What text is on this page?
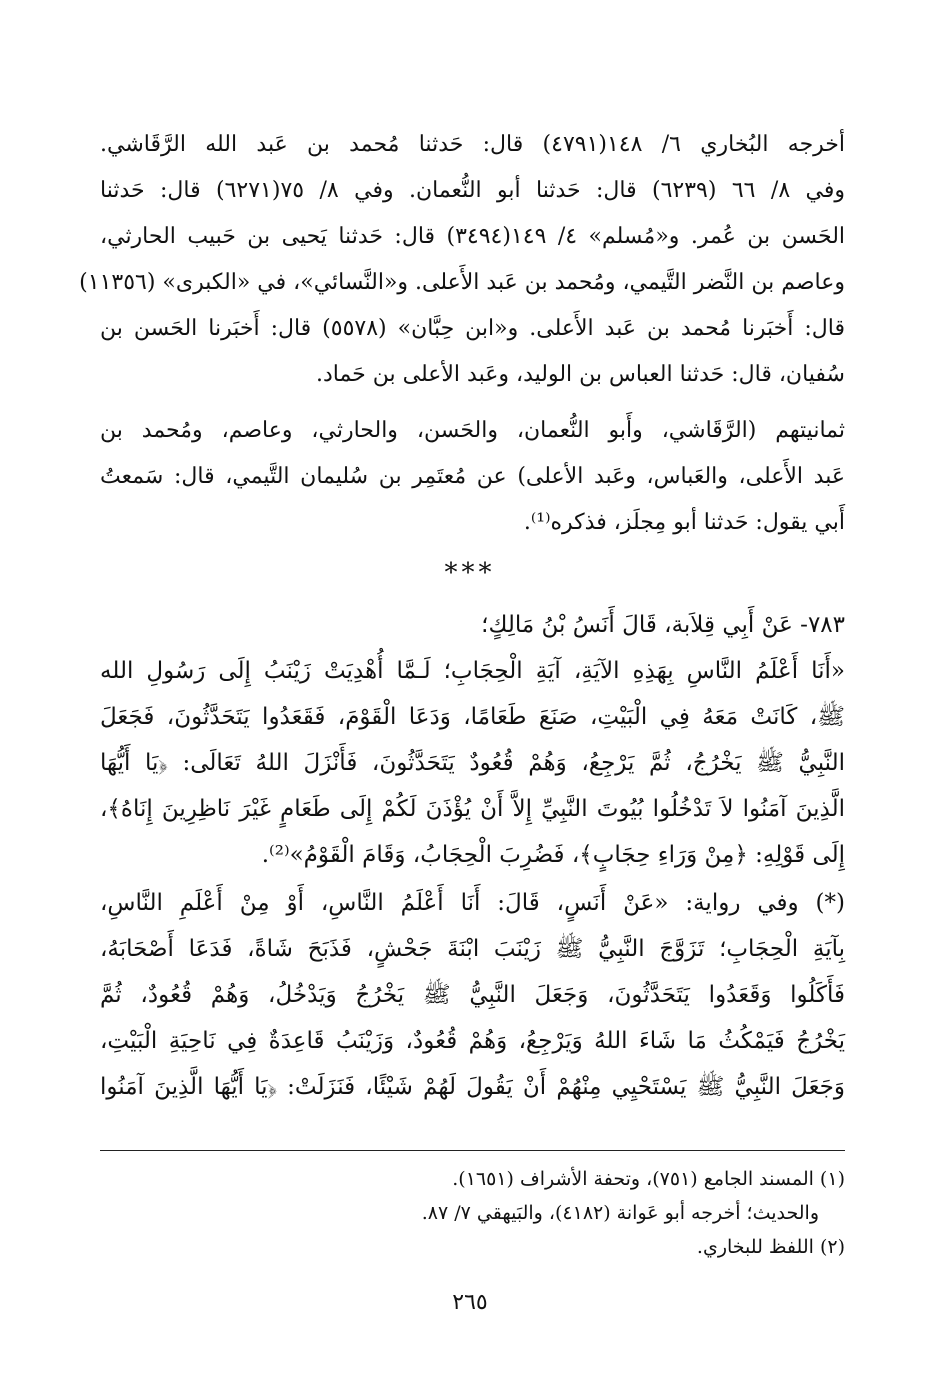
أخرجه البُخاري ٦/ ١٤٨(٤٧٩١) قال: حَدثنا مُحمد بن عَبد الله الرَّقَاشي.
وفي ٨/ ٦٦ (٦٢٣٩) قال: حَدثنا أبو النُّعمان. وفي ٨/ ٧٥(٦٢٧١) قال: حَدثنا
الحَسن بن عُمر. و«مُسلم» ٤/ ١٤٩(٣٤٩٤) قال: حَدثنا يَحيى بن حَبيب الحارثي،
وعاصم بن النَّضر التَّيمي، ومُحمد بن عَبد الأَعلى. و«النَّسائي»، في «الكبرى» (١١٣٥٦)
قال: أَخبَرنا مُحمد بن عَبد الأَعلى. و«ابن حِبَّان» (٥٥٧٨) قال: أَخبَرنا الحَسن بن
سُفيان، قال: حَدثنا العباس بن الوليد، وعَبد الأعلى بن حَماد.
ثمانيتهم (الرَّقَاشي، وأَبو النُّعمان، والحَسن، والحارثي، وعاصم، ومُحمد بن
عَبد الأَعلى، والعَباس، وعَبد الأعلى) عن مُعتَمِر بن سُليمان التَّيمي، قال: سَمعتُ
أَبي يقول: حَدثنا أبو مِجلَز، فذكره⁽¹⁾.
***
٧٨٣- عَنْ أَبِي قِلاَبة، قَالَ أَنَسُ بْنُ مَالِكٍ؛
«أَنَا أَعْلَمُ النَّاسِ بِهَذِهِ الآيَةِ، آيَةِ الْحِجَابِ؛ لَـمَّا أُهْدِيَتْ زَيْنَبُ إِلَى رَسُولِ الله
ﷺ، كَانَتْ مَعَهُ فِي الْبَيْتِ، صَنَعَ طَعَامًا، وَدَعَا الْقَوْمَ، فَقَعَدُوا يَتَحَدَّثُونَ، فَجَعَلَ
النَّبِيُّ ﷺ يَخْرُجُ، ثُمَّ يَرْجِعُ، وَهُمْ قُعُودٌ يَتَحَدَّثُونَ، فَأَنْزَلَ اللهُ تَعَالَى: ﴿يَا أَيُّهَا
الَّذِينَ آمَنُوا لاَ تَدْخُلُوا بُيُوتَ النَّبِيِّ إِلاَّ أَنْ يُؤْذَنَ لَكُمْ إِلَى طَعَامٍ غَيْرَ نَاظِرِينَ إِنَاهُ﴾،
إِلَى قَوْلِهِ: ﴿مِنْ وَرَاءِ حِجَابٍ﴾، فَضُرِبَ الْحِجَابُ، وَقَامَ الْقَوْمُ»⁽²⁾.
(*) وفي رواية: «عَنْ أَنَسٍ، قَالَ: أَنَا أَعْلَمُ النَّاسِ، أَوْ مِنْ أَعْلَمِ النَّاسِ،
بِآيَةِ الْحِجَابِ؛ تَزَوَّجَ النَّبِيُّ ﷺ زَيْنَبَ ابْنَةَ جَحْشٍ، فَذَبَحَ شَاةً، فَدَعَا أَصْحَابَهُ،
فَأَكَلُوا وَقَعَدُوا يَتَحَدَّثُونَ، وَجَعَلَ النَّبِيُّ ﷺ يَخْرُجُ وَيَدْخُلُ، وَهُمْ قُعُودٌ، ثُمَّ
يَخْرُجُ فَيَمْكُثُ مَا شَاءَ اللهُ وَيَرْجِعُ، وَهُمْ قُعُودٌ، وَزَيْنَبُ قَاعِدَةٌ فِي نَاحِيَةِ الْبَيْتِ،
وَجَعَلَ النَّبِيُّ ﷺ يَسْتَحْيِي مِنْهُمْ أَنْ يَقُولَ لَهُمْ شَيْئًا، فَنَزَلَتْ: ﴿يَا أَيُّهَا الَّذِينَ آمَنُوا
(١) المسند الجامع (٧٥١)، وتحفة الأشراف (١٦٥١).
والحديث؛ أخرجه أبو عَوانة (٤١٨٢)، والبَيهقي ٧/ ٨٧.
(٢) اللفظ للبخاري.
٢٦٥
